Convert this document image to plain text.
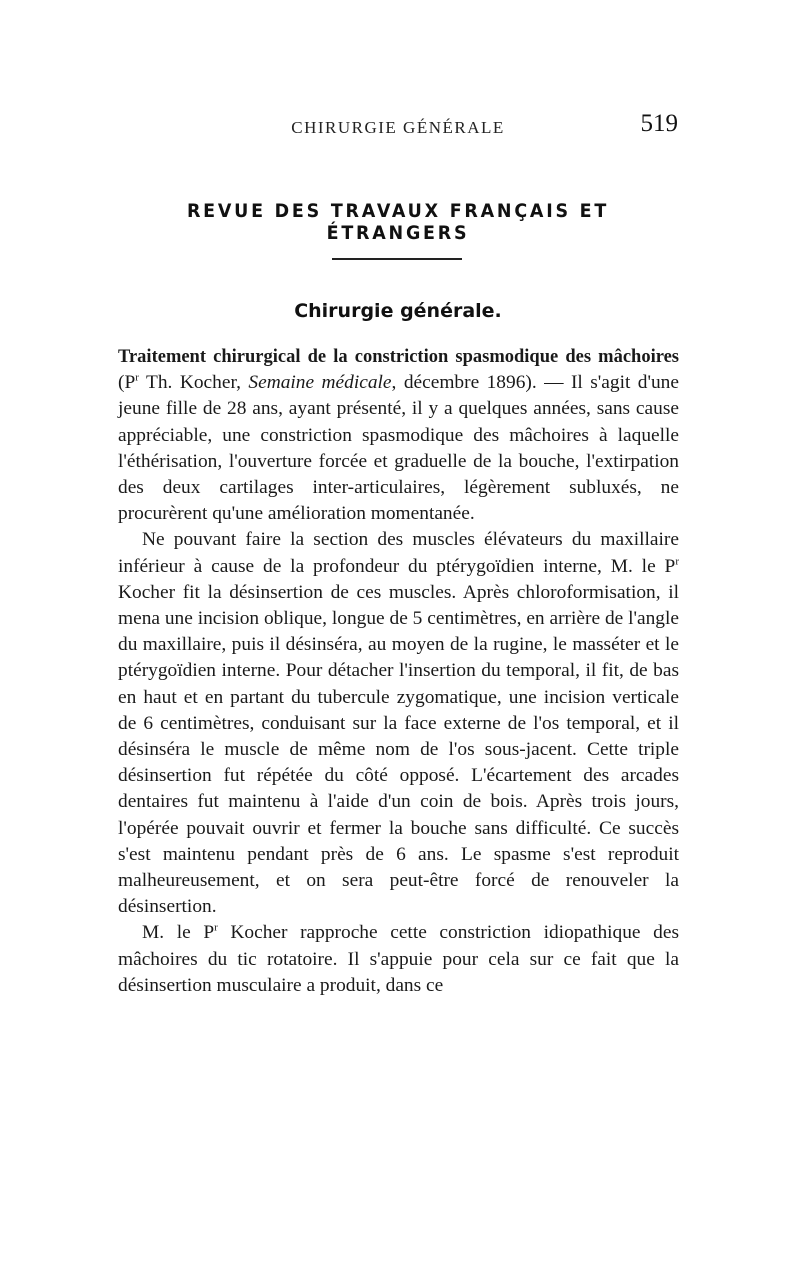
CHIRURGIE GÉNÉRALE	519
REVUE DES TRAVAUX FRANÇAIS ET ÉTRANGERS
Chirurgie générale.

Traitement chirurgical de la constriction spasmodique des mâchoires ($P^r$ Th. Kocher, Semaine médicale, décembre 1896). — Il s'agit d'une jeune fille de 28 ans, ayant présenté, il y a quelques années, sans cause appréciable, une constriction spasmodique des mâchoires à laquelle l'éthérisation, l'ouverture forcée et graduelle de la bouche, l'extirpation des deux cartilages inter-articulaires, légèrement subluxés, ne procurèrent qu'une amélioration momentanée.

Ne pouvant faire la section des muscles élévateurs du maxillaire inférieur à cause de la profondeur du ptérygoïdien interne, M. le $P^r$ Kocher fit la désinsertion de ces muscles. Après chloroformisation, il mena une incision oblique, longue de 5 centimètres, en arrière de l'angle du maxillaire, puis il désinséra, au moyen de la rugine, le masséter et le ptérygoïdien interne. Pour détacher l'insertion du temporal, il fit, de bas en haut et en partant du tubercule zygomatique, une incision verticale de 6 centimètres, conduisant sur la face externe de l'os temporal, et il désinséra le muscle de même nom de l'os sous-jacent. Cette triple désinsertion fut répétée du côté opposé. L'écartement des arcades dentaires fut maintenu à l'aide d'un coin de bois. Après trois jours, l'opérée pouvait ouvrir et fermer la bouche sans difficulté. Ce succès s'est maintenu pendant près de 6 ans. Le spasme s'est reproduit malheureusement, et on sera peut-être forcé de renouveler la désinsertion.

M. le $P^r$ Kocher rapproche cette constriction idiopathique des mâchoires du tic rotatoire. Il s'appuie pour cela sur ce fait que la désinsertion musculaire a produit, dans ce
